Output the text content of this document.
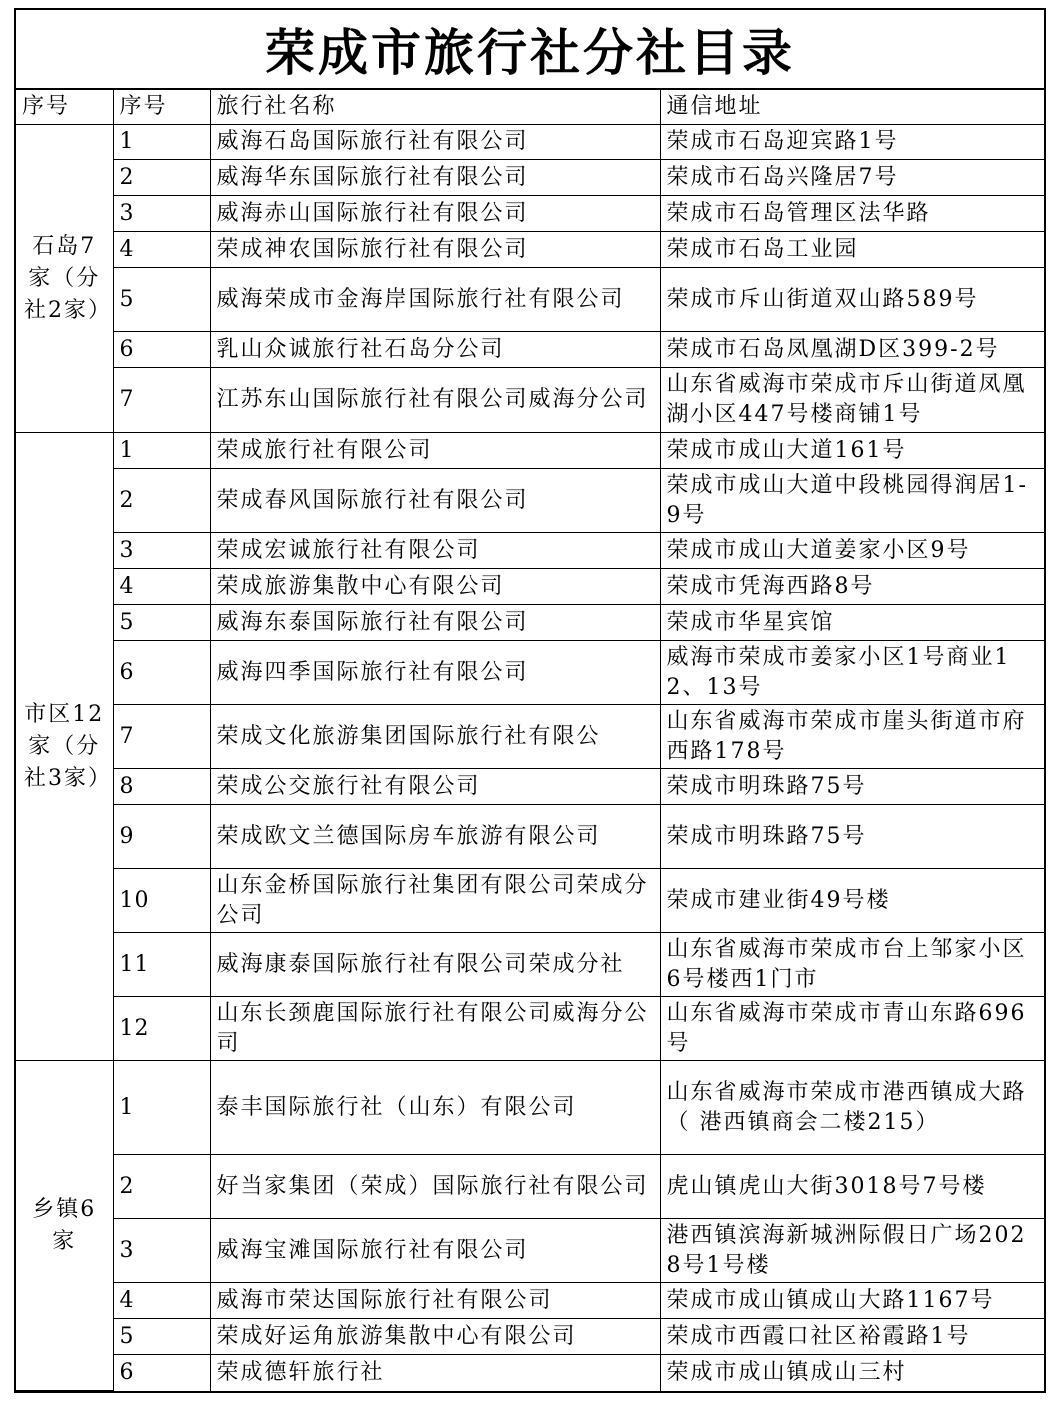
荣成市旅行社分社目录
序号	序号	旅行社名称	通信地址
石岛7家（分社2家）	1	威海石岛国际旅行社有限公司	荣成市石岛迎宾路1号
	2	威海华东国际旅行社有限公司	荣成市石岛兴隆居7号
	3	威海赤山国际旅行社有限公司	荣成市石岛管理区法华路
	4	荣成神农国际旅行社有限公司	荣成市石岛工业园
	5	威海荣成市金海岸国际旅行社有限公司	荣成市斥山街道双山路589号
	6	乳山众诚旅行社石岛分公司	荣成市石岛凤凰湖D区399-2号
	7	江苏东山国际旅行社有限公司威海分公司	山东省威海市荣成市斥山街道凤凰湖小区447号楼商铺1号
市区12家（分社3家）	1	荣成旅行社有限公司	荣成市成山大道161号
	2	荣成春风国际旅行社有限公司	荣成市成山大道中段桃园得润居1-9号
	3	荣成宏诚旅行社有限公司	荣成市成山大道姜家小区9号
	4	荣成旅游集散中心有限公司	荣成市凭海西路8号
	5	威海东泰国际旅行社有限公司	荣成市华星宾馆
	6	威海四季国际旅行社有限公司	威海市荣成市姜家小区1号商业12、13号
	7	荣成文化旅游集团国际旅行社有限公	山东省威海市荣成市崖头街道市府西路178号
	8	荣成公交旅行社有限公司	荣成市明珠路75号
	9	荣成欧文兰德国际房车旅游有限公司	荣成市明珠路75号
	10	山东金桥国际旅行社集团有限公司荣成分公司	荣成市建业街49号楼
	11	威海康泰国际旅行社有限公司荣成分社	山东省威海市荣成市台上邹家小区6号楼西1门市
	12	山东长颈鹿国际旅行社有限公司威海分公司	山东省威海市荣成市青山东路696号
乡镇6家	1	泰丰国际旅行社（山东）有限公司	山东省威海市荣成市港西镇成大路（ 港西镇商会二楼215）
	2	好当家集团（荣成）国际旅行社有限公司	虎山镇虎山大街3018号7号楼
	3	威海宝滩国际旅行社有限公司	港西镇滨海新城洲际假日广场2028号1号楼
	4	威海市荣达国际旅行社有限公司	荣成市成山镇成山大路1167号
	5	荣成好运角旅游集散中心有限公司	荣成市西霞口社区裕霞路1号
	6	荣成德轩旅行社	荣成市成山镇成山三村
